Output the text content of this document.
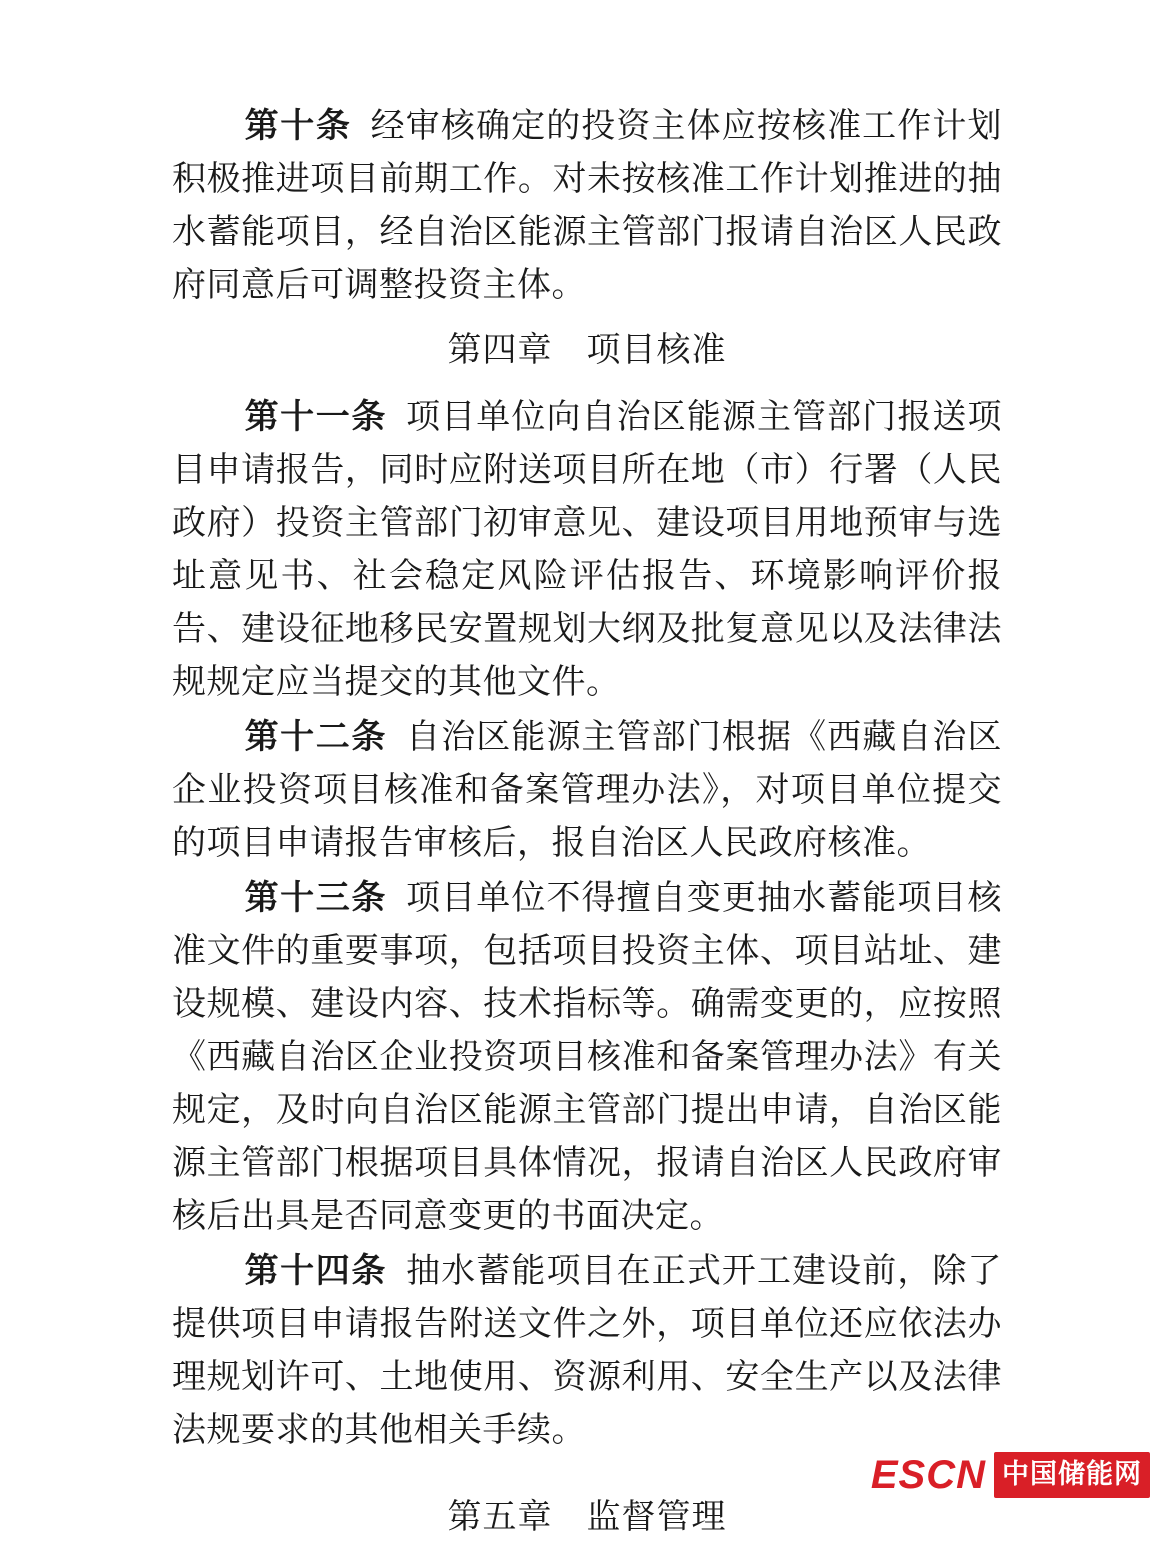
第十条 经审核确定的投资主体应按核准工作计划积极推进项目前期工作。对未按核准工作计划推进的抽水蓄能项目，经自治区能源主管部门报请自治区人民政府同意后可调整投资主体。

第四章 项目核准

第十一条 项目单位向自治区能源主管部门报送项目申请报告，同时应附送项目所在地（市）行署（人民政府）投资主管部门初审意见、建设项目用地预审与选址意见书、社会稳定风险评估报告、环境影响评价报告、建设征地移民安置规划大纲及批复意见以及法律法规规定应当提交的其他文件。

第十二条 自治区能源主管部门根据《西藏自治区企业投资项目核准和备案管理办法》，对项目单位提交的项目申请报告审核后，报自治区人民政府核准。

第十三条 项目单位不得擅自变更抽水蓄能项目核准文件的重要事项，包括项目投资主体、项目站址、建设规模、建设内容、技术指标等。确需变更的，应按照《西藏自治区企业投资项目核准和备案管理办法》有关规定，及时向自治区能源主管部门提出申请，自治区能源主管部门根据项目具体情况，报请自治区人民政府审核后出具是否同意变更的书面决定。

第十四条 抽水蓄能项目在正式开工建设前，除了提供项目申请报告附送文件之外，项目单位还应依法办理规划许可、土地使用、资源利用、安全生产以及法律法规要求的其他相关手续。

第五章 监督管理

ESCN 中国储能网
